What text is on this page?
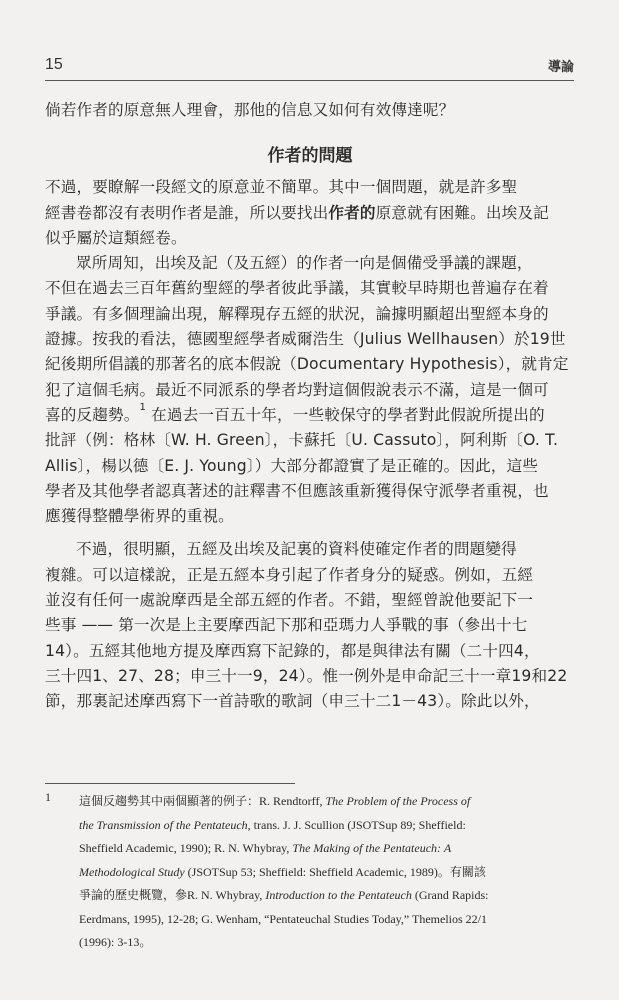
15	導論
倘若作者的原意無人理會，那他的信息又如何有效傳達呢？
作者的問題
不過，要瞭解一段經文的原意並不簡單。其中一個問題，就是許多聖
經書卷都沒有表明作者是誰，所以要找出作者的原意就有困難。出埃及記
似乎屬於這類經卷。
眾所周知，出埃及記（及五經）的作者一向是個備受爭議的課題，
不但在過去三百年舊約聖經的學者彼此爭議，其實較早時期也普遍存在着
爭議。有多個理論出現，解釋現存五經的狀況，論據明顯超出聖經本身的
證據。按我的看法，德國聖經學者威爾浩生（Julius Wellhausen）於19世
紀後期所倡議的那著名的底本假說（Documentary Hypothesis），就肯定
犯了這個毛病。最近不同派系的學者均對這個假說表示不滿，這是一個可
喜的反趨勢。$^1$ 在過去一百五十年，一些較保守的學者對此假說所提出的
批評（例：格林〔W. H. Green〕，卡蘇托〔U. Cassuto〕，阿利斯〔O. T.
Allis〕，楊以德〔E. J. Young〕）大部分都證實了是正確的。因此，這些
學者及其他學者認真著述的註釋書不但應該重新獲得保守派學者重視，也
應獲得整體學術界的重視。
不過，很明顯，五經及出埃及記裏的資料使確定作者的問題變得
複雜。可以這樣說，正是五經本身引起了作者身分的疑惑。例如，五經
並沒有任何一處說摩西是全部五經的作者。不錯，聖經曾說他要記下一
些事 —— 第一次是上主要摩西記下那和亞瑪力人爭戰的事（參出十七
14）。五經其他地方提及摩西寫下記錄的，都是與律法有關（二十四4，
三十四1、27、28；申三十一9，24）。惟一例外是申命記三十一章19和22
節，那裏記述摩西寫下一首詩歌的歌詞（申三十二1－43）。除此以外，
1 這個反趨勢其中兩個顯著的例子：R. Rendtorff, The Problem of the Process of
the Transmission of the Pentateuch, trans. J. J. Scullion (JSOTSup 89; Sheffield:
Sheffield Academic, 1990); R. N. Whybray, The Making of the Pentateuch: A
Methodological Study (JSOTSup 53; Sheffield: Sheffield Academic, 1989)。有關該
爭論的歷史概覽，參R. N. Whybray, Introduction to the Pentateuch (Grand Rapids:
Eerdmans, 1995), 12-28; G. Wenham, “Pentateuchal Studies Today,” Themelios 22/1
(1996): 3-13。
